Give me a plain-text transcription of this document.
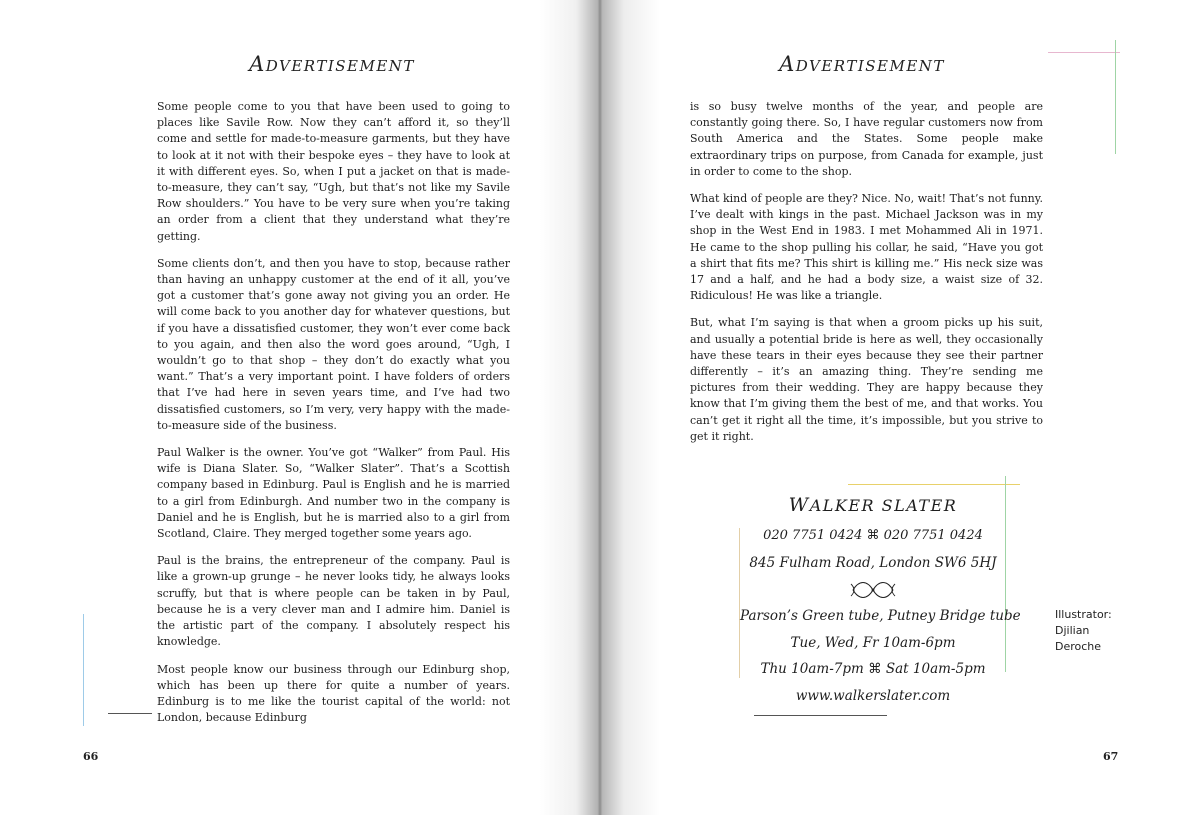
ADVERTISEMENT

Some people come to you that have been used to going to places like Savile Row. Now they can’t afford it, so they’ll come and settle for made-to-measure garments, but they have to look at it not with their bespoke eyes – they have to look at it with different eyes. So, when I put a jacket on that is made-to-measure, they can’t say, “Ugh, but that’s not like my Savile Row shoulders.” You have to be very sure when you’re taking an order from a client that they understand what they’re getting.

Some clients don’t, and then you have to stop, because rather than having an unhappy customer at the end of it all, you’ve got a customer that’s gone away not giving you an order. He will come back to you another day for whatever questions, but if you have a dissatisfied customer, they won’t ever come back to you again, and then also the word goes around, “Ugh, I wouldn’t go to that shop – they don’t do exactly what you want.” That’s a very important point. I have folders of orders that I’ve had here in seven years time, and I’ve had two dissatisfied customers, so I’m very, very happy with the made-to-measure side of the business.

Paul Walker is the owner. You’ve got “Walker” from Paul. His wife is Diana Slater. So, “Walker Slater”. That’s a Scottish company based in Edinburg. Paul is English and he is married to a girl from Edinburgh. And number two in the company is Daniel and he is English, but he is married also to a girl from Scotland, Claire. They merged together some years ago.

Paul is the brains, the entrepreneur of the company. Paul is like a grown-up grunge – he never looks tidy, he always looks scruffy, but that is where people can be taken in by Paul, because he is a very clever man and I admire him. Daniel is the artistic part of the company. I absolutely respect his knowledge.

Most people know our business through our Edinburg shop, which has been up there for quite a number of years. Edinburg is to me like the tourist capital of the world: not London, because Edinburg

66
ADVERTISEMENT

is so busy twelve months of the year, and people are constantly going there. So, I have regular customers now from South America and the States. Some people make extraordinary trips on purpose, from Canada for example, just in order to come to the shop.

What kind of people are they? Nice. No, wait! That’s not funny. I’ve dealt with kings in the past. Michael Jackson was in my shop in the West End in 1983. I met Mohammed Ali in 1971. He came to the shop pulling his collar, he said, “Have you got a shirt that fits me? This shirt is killing me.” His neck size was 17 and a half, and he had a body size, a waist size of 32. Ridiculous! He was like a triangle.

But, what I’m saying is that when a groom picks up his suit, and usually a potential bride is here as well, they occasionally have these tears in their eyes because they see their partner differently – it’s an amazing thing. They’re sending me pictures from their wedding. They are happy because they know that I’m giving them the best of me, and that works. You can’t get it right all the time, it’s impossible, but you strive to get it right.

WALKER SLATER
020 7751 0424 ⌘ 020 7751 0424
845 Fulham Road, London SW6 5HJ
Parson’s Green tube, Putney Bridge tube
Tue, Wed, Fr 10am-6pm
Thu 10am-7pm ⌘ Sat 10am-5pm
www.walkerslater.com
Illustrator:
Djilian
Deroche
67
